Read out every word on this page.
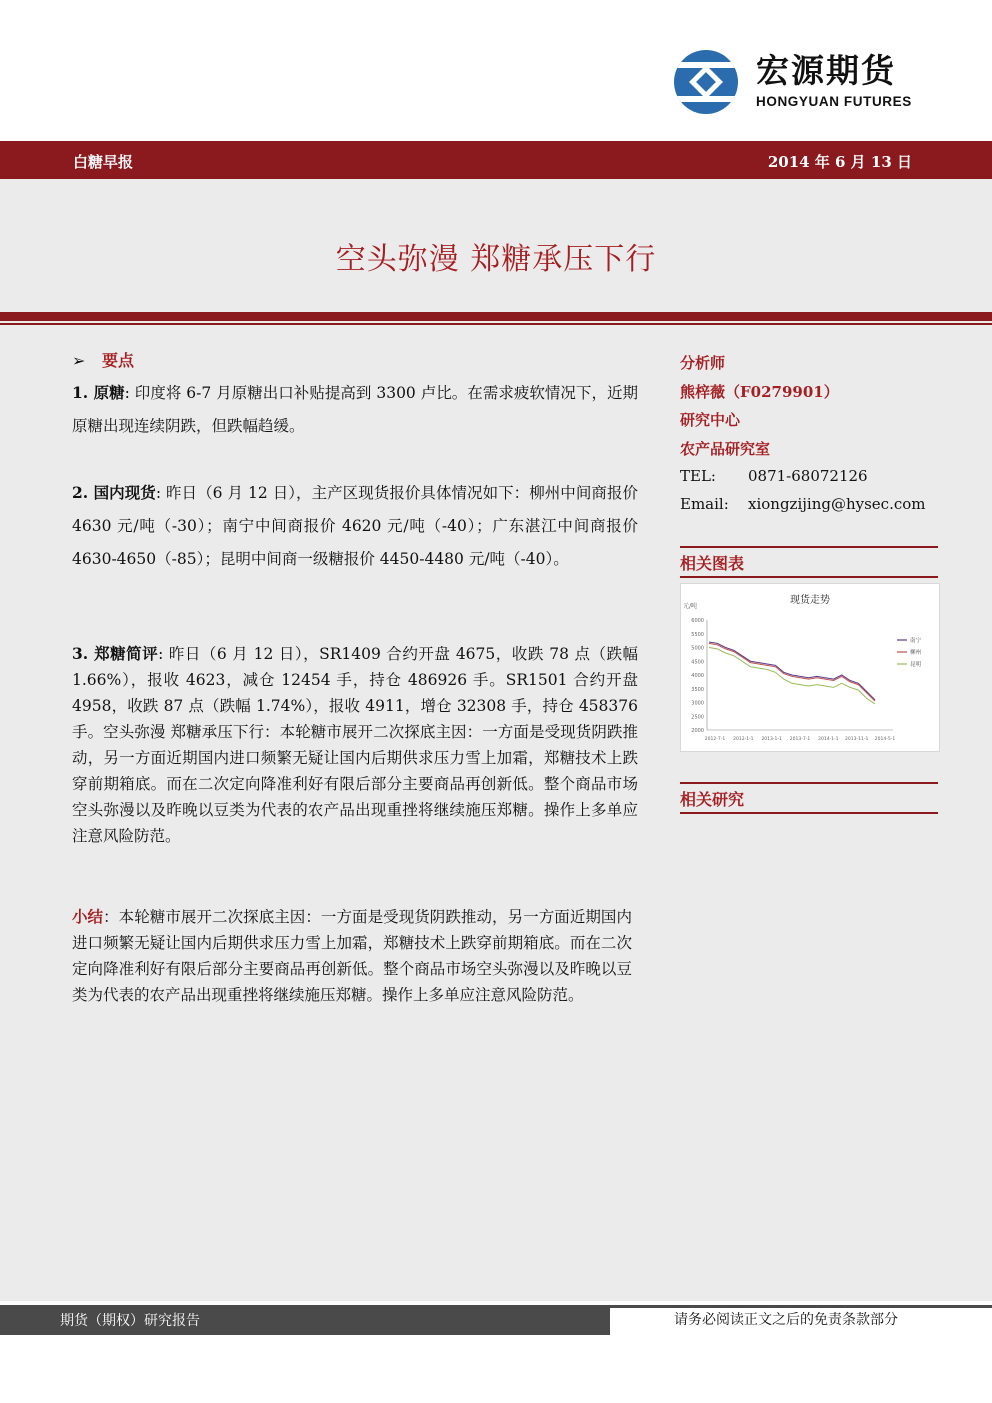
宏源期货
HONGYUAN FUTURES
白糖早报	2014 年 6 月 13 日
空头弥漫 郑糖承压下行
➢ 要点
1. 原糖: 印度将 6-7 月原糖出口补贴提高到 3300 卢比。在需求疲软情况下，近期原糖出现连续阴跌，但跌幅趋缓。
2. 国内现货: 昨日（6 月 12 日），主产区现货报价具体情况如下：柳州中间商报价 4630 元/吨（-30）；南宁中间商报价 4620 元/吨（-40）；广东湛江中间商报价 4630-4650（-85）；昆明中间商一级糖报价 4450-4480 元/吨（-40）。
3. 郑糖简评: 昨日（6 月 12 日），SR1409 合约开盘 4675，收跌 78 点（跌幅 1.66%），报收 4623，减仓 12454 手，持仓 486926 手。SR1501 合约开盘 4958，收跌 87 点（跌幅 1.74%），报收 4911，增仓 32308 手，持仓 458376 手。空头弥漫 郑糖承压下行：本轮糖市展开二次探底主因：一方面是受现货阴跌推动，另一方面近期国内进口频繁无疑让国内后期供求压力雪上加霜，郑糖技术上跌穿前期箱底。而在二次定向降准利好有限后部分主要商品再创新低。整个商品市场空头弥漫以及昨晚以豆类为代表的农产品出现重挫将继续施压郑糖。操作上多单应注意风险防范。
小结：本轮糖市展开二次探底主因：一方面是受现货阴跌推动，另一方面近期国内进口频繁无疑让国内后期供求压力雪上加霜，郑糖技术上跌穿前期箱底。而在二次定向降准利好有限后部分主要商品再创新低。整个商品市场空头弥漫以及昨晚以豆类为代表的农产品出现重挫将继续施压郑糖。操作上多单应注意风险防范。
分析师
熊梓薇（F0279901）
研究中心
农产品研究室
TEL: 0871-68072126
Email: xiongzijing@hysec.com
相关图表
现货走势
元/吨
6000
5500
5000
4500
4000
3500
3000
2500
2000
2012-7-1 2012-1-1 2013-1-1 2013-7-1 2014-1-1 2013-11-1 2014-5-1
南宁
柳州
昆明
相关研究
期货（期权）研究报告	请务必阅读正文之后的免责条款部分
